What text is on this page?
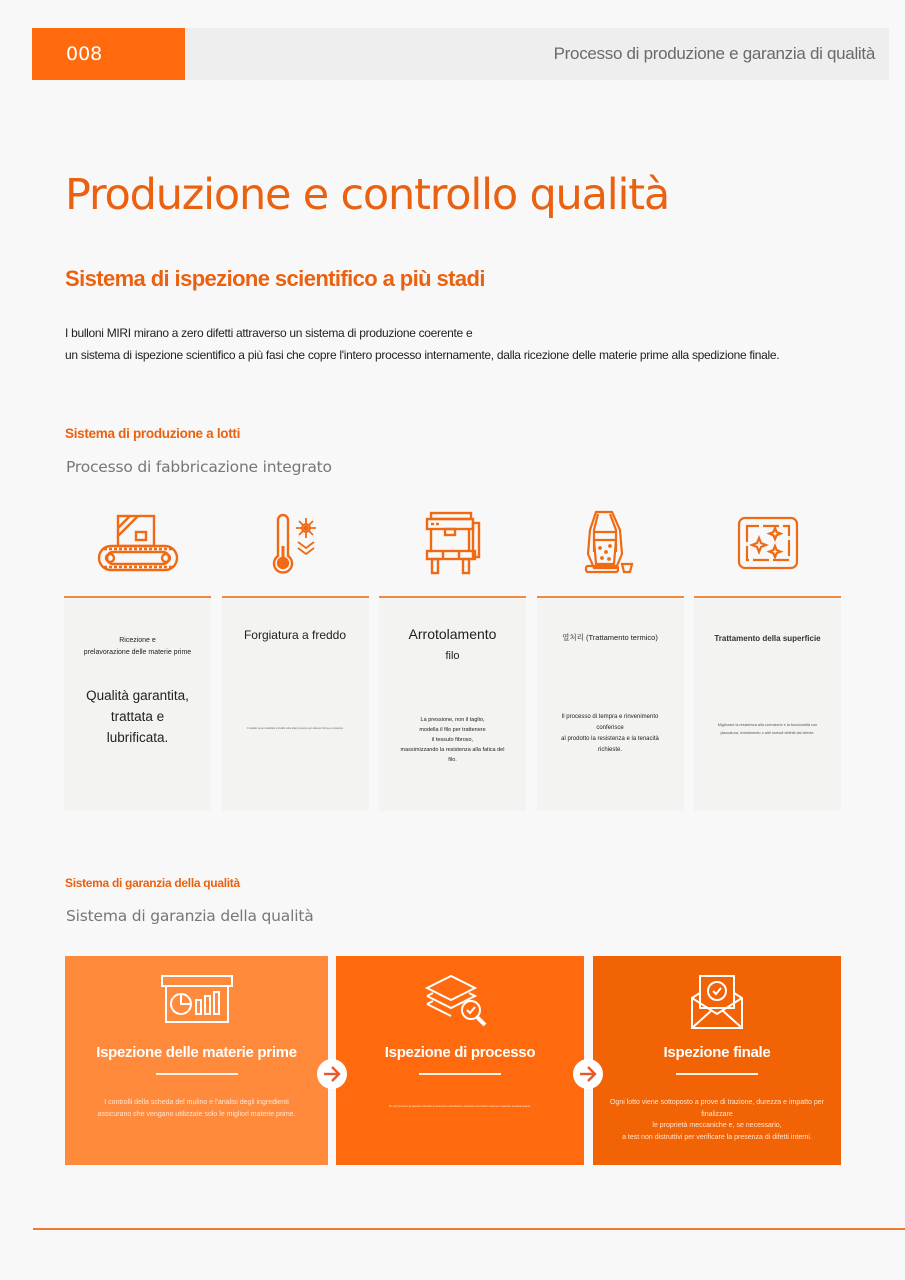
008	Processo di produzione e garanzia di qualità
Produzione e controllo qualità
Sistema di ispezione scientifico a più stadi
I bulloni MIRI mirano a zero difetti attraverso un sistema di produzione coerente e
un sistema di ispezione scientifico a più fasi che copre l'intero processo internamente, dalla ricezione delle materie prime alla spedizione finale.
Sistema di produzione a lotti
Processo di fabbricazione integrato
Ricezione e
prelavorazione delle materie prime
Qualità garantita,
trattata e
lubrificata.
Forgiatura a freddo
Il metallo viene modellato a freddo sotto alta pressione per ottenere forma e resistenza
Arrotolamento
filo
La pressione, non il taglio,
modella il filo per trattenere
il tessuto fibroso,
massimizzando la resistenza alla fatica del
filo.
열처리 (Trattamento termico)
Il processo di tempra e rinvenimento
conferisce
al prodotto la resistenza e la tenacità
richieste.
Trattamento della superficie
Migliorare la resistenza alla corrosione e la funzionalità con
placcatura, rivestimento o altri metodi definiti dal cliente.
Sistema di garanzia della qualità
Sistema di garanzia della qualità
Ispezione delle materie prime
I controlli della scheda del mulino e l'analisi degli ingredienti
assicurano che vengano utilizzate solo le migliori materie prime.
Ispezione di processo
Per ogni processo, gli operatori controllano le dimensioni e identificano le deviazioni nel prodotto in corso per mantenere la qualità costante.
Ispezione finale
Ogni lotto viene sottoposto a prove di trazione, durezza e impatto per finalizzare
le proprietà meccaniche e, se necessario,
a test non distruttivi per verificare la presenza di difetti interni.
